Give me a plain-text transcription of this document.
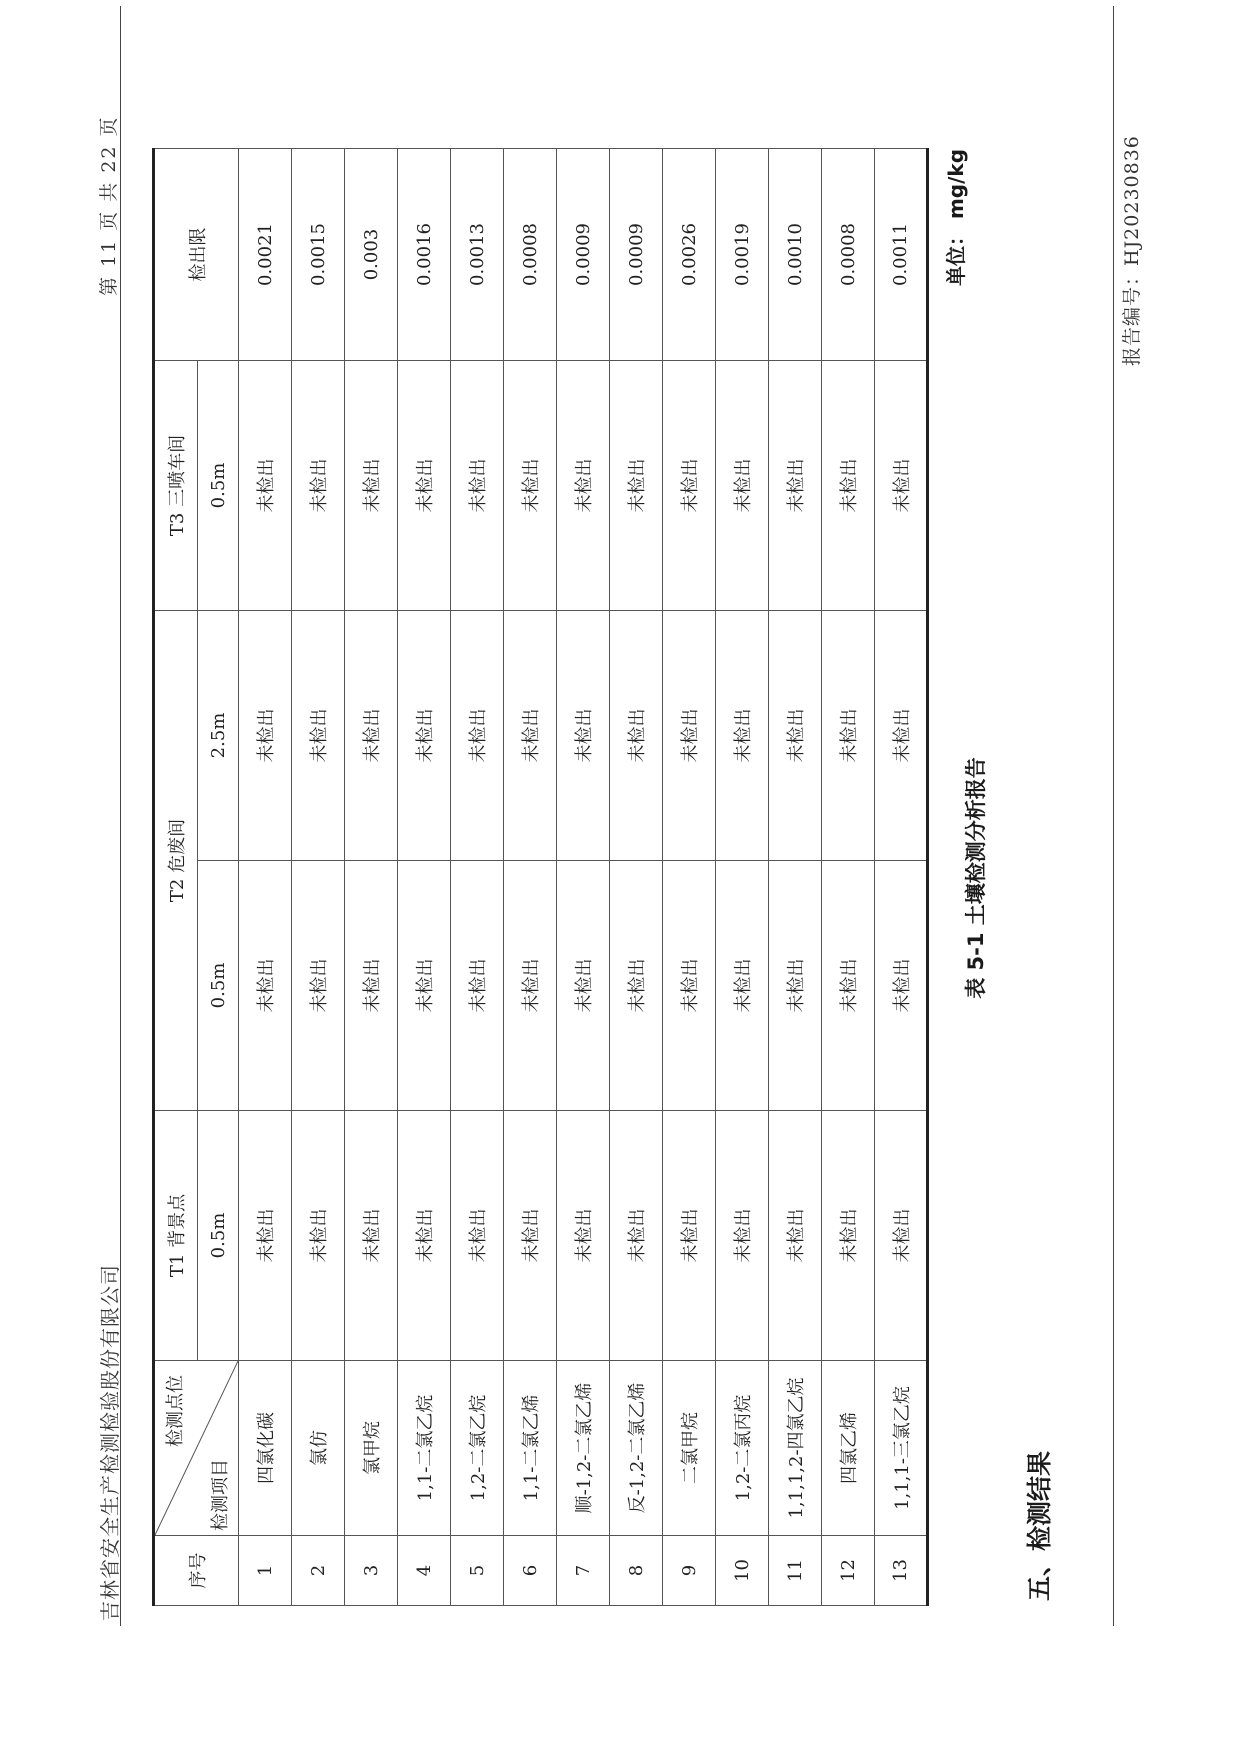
报告编号：HJ20230836
五、检测结果
表 5-1 土壤检测分析报告
单位： mg/kg
序号	检测点位
检测项目	T1 背景点	T2 危废间		T3 三喷车间	检出限
		0.5m	0.5m	2.5m	0.5m	
1	四氯化碳	未检出	未检出	未检出	未检出	0.0021
2	氯仿	未检出	未检出	未检出	未检出	0.0015
3	氯甲烷	未检出	未检出	未检出	未检出	0.003
4	1,1-二氯乙烷	未检出	未检出	未检出	未检出	0.0016
5	1,2-二氯乙烷	未检出	未检出	未检出	未检出	0.0013
6	1,1-二氯乙烯	未检出	未检出	未检出	未检出	0.0008
7	顺-1,2-二氯乙烯	未检出	未检出	未检出	未检出	0.0009
8	反-1,2-二氯乙烯	未检出	未检出	未检出	未检出	0.0009
9	二氯甲烷	未检出	未检出	未检出	未检出	0.0026
10	1,2-二氯丙烷	未检出	未检出	未检出	未检出	0.0019
11	1,1,1,2-四氯乙烷	未检出	未检出	未检出	未检出	0.0010
12	四氯乙烯	未检出	未检出	未检出	未检出	0.0008
13	1,1,1-三氯乙烷	未检出	未检出	未检出	未检出	0.0011
吉林省安全生产检测检验股份有限公司
第 11 页 共 22 页
